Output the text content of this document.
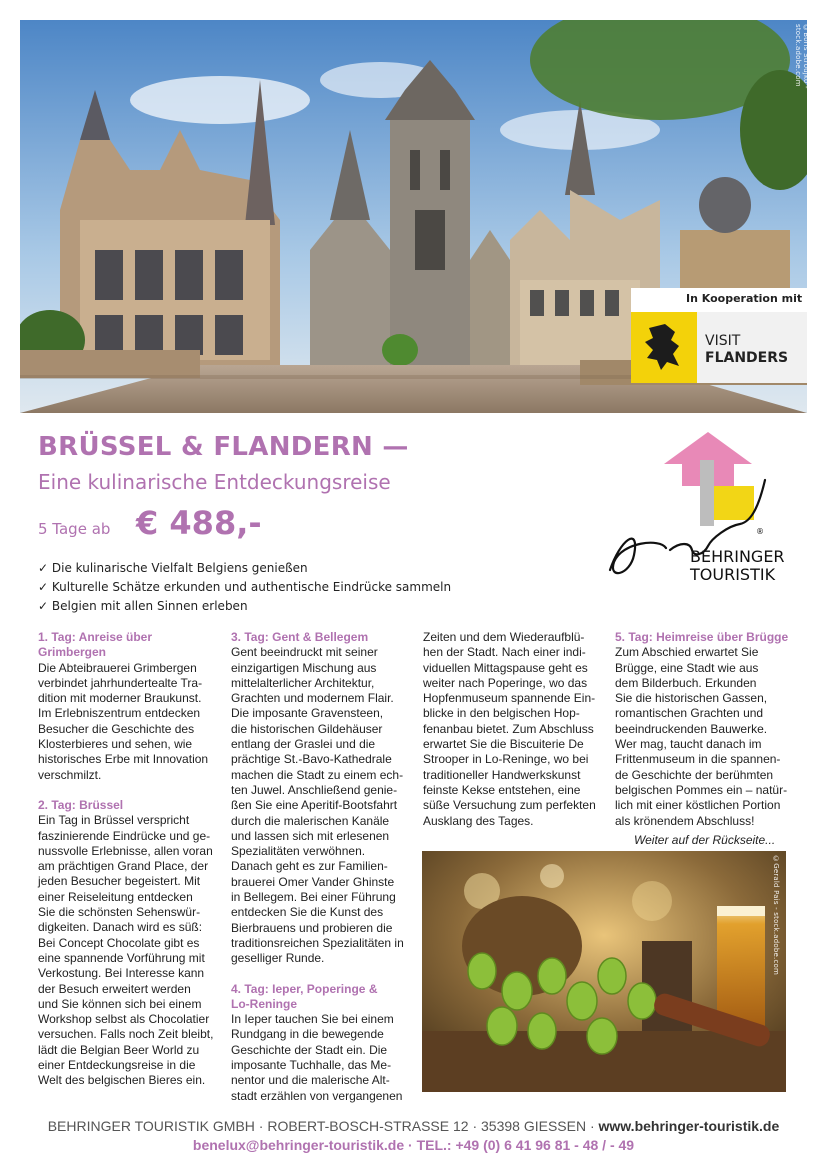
©Boris Stroujko - stock.adobe.com
In Kooperation mit
VISIT
FLANDERS
BRÜSSEL & FLANDERN —
Eine kulinarische Entdeckungsreise
5 Tage ab € 488,-
✓ Die kulinarische Vielfalt Belgiens genießen
✓ Kulturelle Schätze erkunden und authentische Eindrücke sammeln
✓ Belgien mit allen Sinnen erleben
®
BEHRINGER
TOURISTIK

1. Tag: Anreise über

Grimbergen

Die Abteibrauerei Grimbergen

verbindet jahrhundertealte Tra-

dition mit moderner Braukunst.

Im Erlebniszentrum entdecken

Besucher die Geschichte des

Klosterbieres und sehen, wie

historisches Erbe mit Innovation

verschmilzt.

2. Tag: Brüssel

Ein Tag in Brüssel verspricht

faszinierende Eindrücke und ge-

nussvolle Erlebnisse, allen voran

am prächtigen Grand Place, der

jeden Besucher begeistert. Mit

einer Reiseleitung entdecken

Sie die schönsten Sehenswür-

digkeiten. Danach wird es süß:

Bei Concept Chocolate gibt es

eine spannende Vorführung mit

Verkostung. Bei Interesse kann

der Besuch erweitert werden

und Sie können sich bei einem

Workshop selbst als Chocolatier

versuchen. Falls noch Zeit bleibt,

lädt die Belgian Beer World zu

einer Entdeckungsreise in die

Welt des belgischen Bieres ein.

3. Tag: Gent & Bellegem

Gent beeindruckt mit seiner

einzigartigen Mischung aus

mittelalterlicher Architektur,

Grachten und modernem Flair.

Die imposante Gravensteen,

die historischen Gildehäuser

entlang der Graslei und die

prächtige St.-Bavo-Kathedrale

machen die Stadt zu einem ech-

ten Juwel. Anschließend genie-

ßen Sie eine Aperitif-Bootsfahrt

durch die malerischen Kanäle

und lassen sich mit erlesenen

Spezialitäten verwöhnen.

Danach geht es zur Familien-

brauerei Omer Vander Ghinste

in Bellegem. Bei einer Führung

entdecken Sie die Kunst des

Bierbrauens und probieren die

traditionsreichen Spezialitäten in

geselliger Runde.

4. Tag: Ieper, Poperinge &

Lo-Reninge

In Ieper tauchen Sie bei einem

Rundgang in die bewegende

Geschichte der Stadt ein. Die

imposante Tuchhalle, das Me-

nentor und die malerische Alt-

stadt erzählen von vergangenen

Zeiten und dem Wiederaufblü-

hen der Stadt. Nach einer indi-

viduellen Mittagspause geht es

weiter nach Poperinge, wo das

Hopfenmuseum spannende Ein-

blicke in den belgischen Hop-

fenanbau bietet. Zum Abschluss

erwartet Sie die Biscuiterie De

Strooper in Lo-Reninge, wo bei

traditioneller Handwerkskunst

feinste Kekse entstehen, eine

süße Versuchung zum perfekten

Ausklang des Tages.

5. Tag: Heimreise über Brügge

Zum Abschied erwartet Sie

Brügge, eine Stadt wie aus

dem Bilderbuch. Erkunden

Sie die historischen Gassen,

romantischen Grachten und

beeindruckenden Bauwerke.

Wer mag, taucht danach im

Frittenmuseum in die spannen-

de Geschichte der berühmten

belgischen Pommes ein – natür-

lich mit einer köstlichen Portion

als krönendem Abschluss!

Weiter auf der Rückseite...
©Gerald Pais - stock.adobe.com
BEHRINGER TOURISTIK GMBH · ROBERT-BOSCH-STRASSE 12 · 35398 GIESSEN · www.behringer-touristik.de
benelux@behringer-touristik.de · TEL.: +49 (0) 6 41 96 81 - 48 / - 49
